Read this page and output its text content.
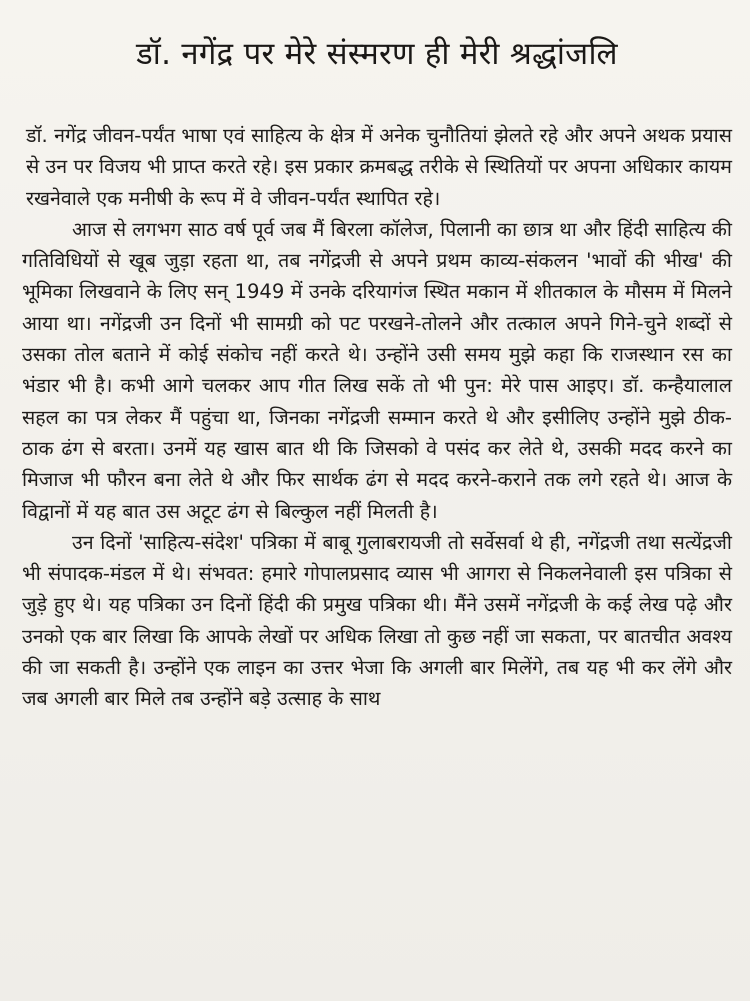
डॉ. नगेंद्र पर मेरे संस्मरण ही मेरी श्रद्धांजलि

डॉ. नगेंद्र जीवन-पर्यंत भाषा एवं साहित्य के क्षेत्र में अनेक चुनौतियां झेलते रहे और अपने अथक प्रयास से उन पर विजय भी प्राप्त करते रहे। इस प्रकार क्रमबद्ध तरीके से स्थितियों पर अपना अधिकार कायम रखनेवाले एक मनीषी के रूप में वे जीवन-पर्यंत स्थापित रहे।

आज से लगभग साठ वर्ष पूर्व जब मैं बिरला कॉलेज, पिलानी का छात्र था और हिंदी साहित्य की गतिविधियों से खूब जुड़ा रहता था, तब नगेंद्रजी से अपने प्रथम काव्य-संकलन 'भावों की भीख' की भूमिका लिखवाने के लिए सन् 1949 में उनके दरियागंज स्थित मकान में शीतकाल के मौसम में मिलने आया था। नगेंद्रजी उन दिनों भी सामग्री को पट परखने-तोलने और तत्काल अपने गिने-चुने शब्दों से उसका तोल बताने में कोई संकोच नहीं करते थे। उन्होंने उसी समय मुझे कहा कि राजस्थान रस का भंडार भी है। कभी आगे चलकर आप गीत लिख सकें तो भी पुन: मेरे पास आइए। डॉ. कन्हैयालाल सहल का पत्र लेकर मैं पहुंचा था, जिनका नगेंद्रजी सम्मान करते थे और इसीलिए उन्होंने मुझे ठीक-ठाक ढंग से बरता। उनमें यह खास बात थी कि जिसको वे पसंद कर लेते थे, उसकी मदद करने का मिजाज भी फौरन बना लेते थे और फिर सार्थक ढंग से मदद करने-कराने तक लगे रहते थे। आज के विद्वानों में यह बात उस अटूट ढंग से बिल्कुल नहीं मिलती है।

उन दिनों 'साहित्य-संदेश' पत्रिका में बाबू गुलाबरायजी तो सर्वेसर्वा थे ही, नगेंद्रजी तथा सत्येंद्रजी भी संपादक-मंडल में थे। संभवत: हमारे गोपालप्रसाद व्यास भी आगरा से निकलनेवाली इस पत्रिका से जुड़े हुए थे। यह पत्रिका उन दिनों हिंदी की प्रमुख पत्रिका थी। मैंने उसमें नगेंद्रजी के कई लेख पढ़े और उनको एक बार लिखा कि आपके लेखों पर अधिक लिखा तो कुछ नहीं जा सकता, पर बातचीत अवश्य की जा सकती है। उन्होंने एक लाइन का उत्तर भेजा कि अगली बार मिलेंगे, तब यह भी कर लेंगे और जब अगली बार मिले तब उन्होंने बड़े उत्साह के साथ
